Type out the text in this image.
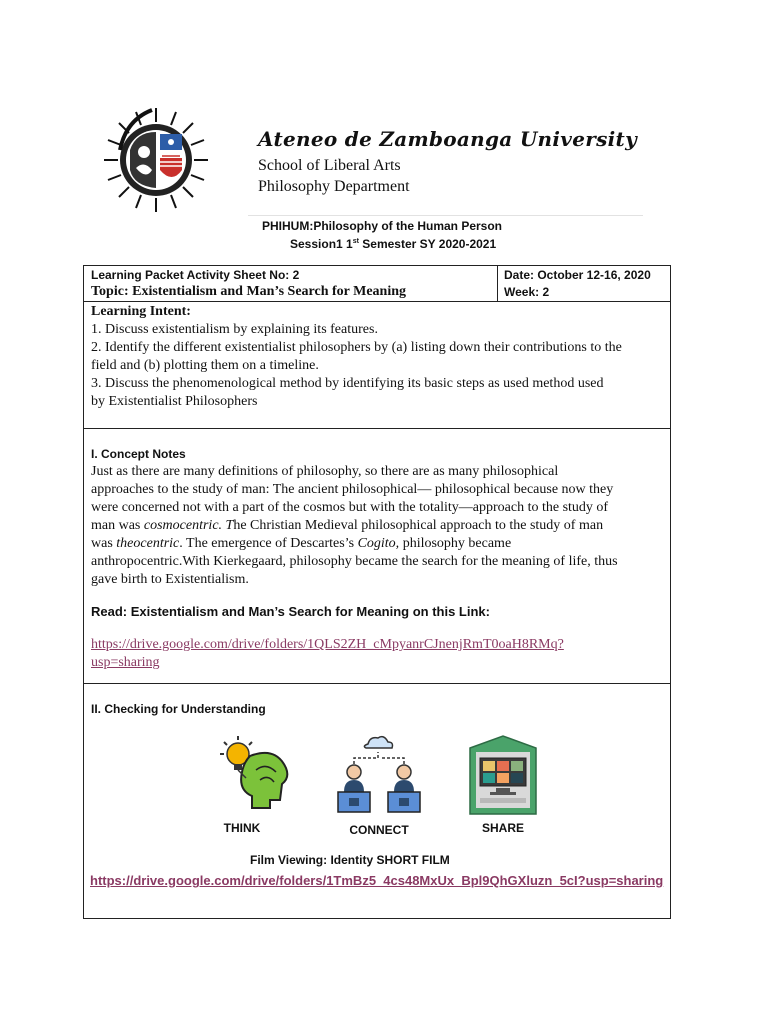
Ateneo de Zamboanga University
School of Liberal Arts
Philosophy Department
PHIHUM:Philosophy of the Human Person
Session1 1st Semester SY 2020-2021
Learning Packet Activity Sheet No: 2
Topic: Existentialism and Man’s Search for Meaning
Date: October 12-16, 2020
Week: 2
Learning Intent:
1. Discuss existentialism by explaining its features.
2. Identify the different existentialist philosophers by (a) listing down their contributions to the
field and (b) plotting them on a timeline.
3. Discuss the phenomenological method by identifying its basic steps as used method used
by Existentialist Philosophers
I. Concept Notes
Just as there are many definitions of philosophy, so there are as many philosophical
approaches to the study of man: The ancient philosophical— philosophical because now they
were concerned not with a part of the cosmos but with the totality—approach to the study of
man was cosmocentric. The Christian Medieval philosophical approach to the study of man
was theocentric. The emergence of Descartes’s Cogito, philosophy became
anthropocentric.With Kierkegaard, philosophy became the search for the meaning of life, thus
gave birth to Existentialism.
Read: Existentialism and Man’s Search for Meaning on this Link:
https://drive.google.com/drive/folders/1QLS2ZH_cMpyanrCJnenjRmT0oaH8RMq?
usp=sharing
II. Checking for Understanding
THINK	CONNECT	SHARE
Film Viewing: Identity SHORT FILM
https://drive.google.com/drive/folders/1TmBz5_4cs48MxUx_Bpl9QhGXluzn_5cI?usp=sharing
